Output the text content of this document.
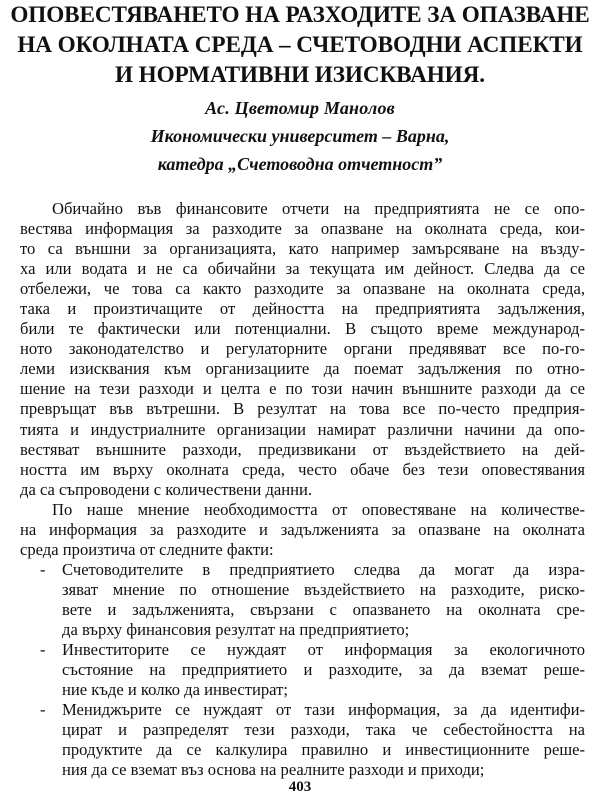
ОПОВЕСТЯВАНЕТО НА РАЗХОДИТЕ ЗА ОПАЗВАНЕ
НА ОКОЛНАТА СРЕДА – СЧЕТОВОДНИ АСПЕКТИ
И НОРМАТИВНИ ИЗИСКВАНИЯ.
Ас. Цветомир Манолов
Икономически университет – Варна,
катедра „Счетоводна отчетност”
Обичайно във финансовите отчети на предприятията не се опо-
вестява информация за разходите за опазване на околната среда, кои-
то са външни за организацията, като например замърсяване на възду-
ха или водата и не са обичайни за текущата им дейност. Следва да се
отбележи, че това са както разходите за опазване на околната среда,
така и произтичащите от дейността на предприятията задължения,
били те фактически или потенциални. В същото време международ-
ното законодателство и регулаторните органи предявяват все по-го-
леми изисквания към организациите да поемат задължения по отно-
шение на тези разходи и целта е по този начин външните разходи да се
превръщат във вътрешни. В резултат на това все по-често предприя-
тията и индустриалните организации намират различни начини да опо-
вестяват външните разходи, предизвикани от въздействието на дей-
ността им върху околната среда, често обаче без тези оповестявания
да са съпроводени с количествени данни.
По наше мнение необходимостта от оповестяване на количестве-
на информация за разходите и задълженията за опазване на околната
среда произтича от следните факти:
- Счетоводителите в предприятието следва да могат да изра-
зяват мнение по отношение въздействието на разходите, риско-
вете и задълженията, свързани с опазването на околната сре-
да върху финансовия резултат на предприятието;
- Инвеститорите се нуждаят от информация за екологичното
състояние на предприятието и разходите, за да вземат реше-
ние къде и колко да инвестират;
- Мениджърите се нуждаят от тази информация, за да идентифи-
цират и разпределят тези разходи, така че себестойността на
продуктите да се калкулира правилно и инвестиционните реше-
ния да се вземат въз основа на реалните разходи и приходи;
403
